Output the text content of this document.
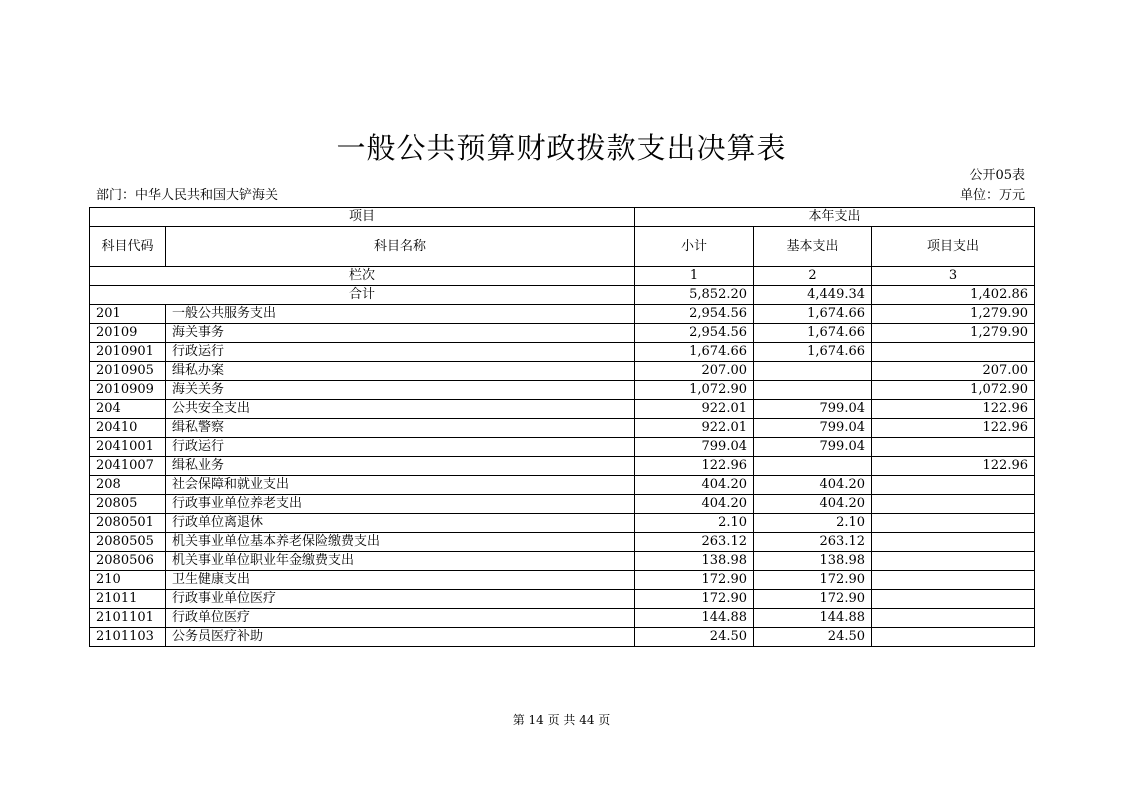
一般公共预算财政拨款支出决算表
公开05表
部门：中华人民共和国大铲海关	单位：万元
项目		本年支出		
科目代码	科目名称	小计	基本支出	项目支出
栏次		1	2	3
合计		5,852.20	4,449.34	1,402.86
201	一般公共服务支出	2,954.56	1,674.66	1,279.90
20109	海关事务	2,954.56	1,674.66	1,279.90
2010901	行政运行	1,674.66	1,674.66	
2010905	缉私办案	207.00		207.00
2010909	海关关务	1,072.90		1,072.90
204	公共安全支出	922.01	799.04	122.96
20410	缉私警察	922.01	799.04	122.96
2041001	行政运行	799.04	799.04	
2041007	缉私业务	122.96		122.96
208	社会保障和就业支出	404.20	404.20	
20805	行政事业单位养老支出	404.20	404.20	
2080501	行政单位离退休	2.10	2.10	
2080505	机关事业单位基本养老保险缴费支出	263.12	263.12	
2080506	机关事业单位职业年金缴费支出	138.98	138.98	
210	卫生健康支出	172.90	172.90	
21011	行政事业单位医疗	172.90	172.90	
2101101	行政单位医疗	144.88	144.88	
2101103	公务员医疗补助	24.50	24.50	
第 14 页 共 44 页
